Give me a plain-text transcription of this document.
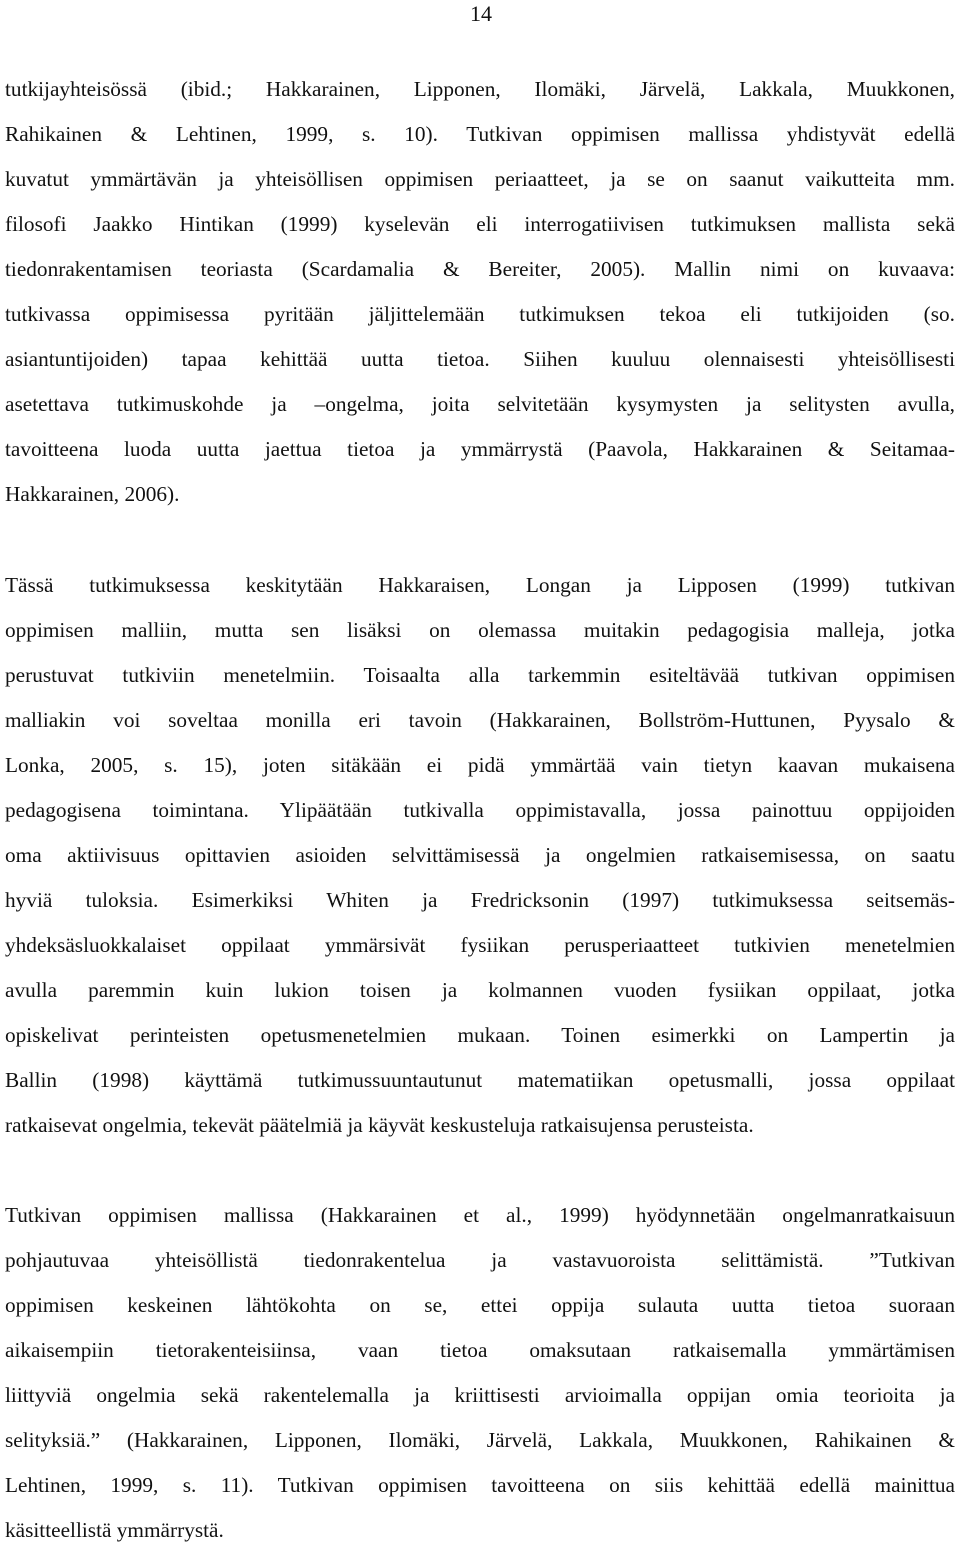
14
tutkijayhteisössä (ibid.; Hakkarainen, Lipponen, Ilomäki, Järvelä, Lakkala, Muukkonen,
Rahikainen & Lehtinen, 1999, s. 10). Tutkivan oppimisen mallissa yhdistyvät edellä
kuvatut ymmärtävän ja yhteisöllisen oppimisen periaatteet, ja se on saanut vaikutteita mm.
filosofi Jaakko Hintikan (1999) kyselevän eli interrogatiivisen tutkimuksen mallista sekä
tiedonrakentamisen teoriasta (Scardamalia & Bereiter, 2005). Mallin nimi on kuvaava:
tutkivassa oppimisessa pyritään jäljittelemään tutkimuksen tekoa eli tutkijoiden (so.
asiantuntijoiden) tapaa kehittää uutta tietoa. Siihen kuuluu olennaisesti yhteisöllisesti
asetettava tutkimuskohde ja –ongelma, joita selvitetään kysymysten ja selitysten avulla,
tavoitteena luoda uutta jaettua tietoa ja ymmärrystä (Paavola, Hakkarainen & Seitamaa-
Hakkarainen, 2006).
Tässä tutkimuksessa keskitytään Hakkaraisen, Longan ja Lipposen (1999) tutkivan
oppimisen malliin, mutta sen lisäksi on olemassa muitakin pedagogisia malleja, jotka
perustuvat tutkiviin menetelmiin. Toisaalta alla tarkemmin esiteltävää tutkivan oppimisen
malliakin voi soveltaa monilla eri tavoin (Hakkarainen, Bollström-Huttunen, Pyysalo &
Lonka, 2005, s. 15), joten sitäkään ei pidä ymmärtää vain tietyn kaavan mukaisena
pedagogisena toimintana. Ylipäätään tutkivalla oppimistavalla, jossa painottuu oppijoiden
oma aktiivisuus opittavien asioiden selvittämisessä ja ongelmien ratkaisemisessa, on saatu
hyviä tuloksia. Esimerkiksi Whiten ja Fredricksonin (1997) tutkimuksessa seitsemäs-
yhdeksäsluokkalaiset oppilaat ymmärsivät fysiikan perusperiaatteet tutkivien menetelmien
avulla paremmin kuin lukion toisen ja kolmannen vuoden fysiikan oppilaat, jotka
opiskelivat perinteisten opetusmenetelmien mukaan. Toinen esimerkki on Lampertin ja
Ballin (1998) käyttämä tutkimussuuntautunut matematiikan opetusmalli, jossa oppilaat
ratkaisevat ongelmia, tekevät päätelmiä ja käyvät keskusteluja ratkaisujensa perusteista.
Tutkivan oppimisen mallissa (Hakkarainen et al., 1999) hyödynnetään ongelmanratkaisuun
pohjautuvaa yhteisöllistä tiedonrakentelua ja vastavuoroista selittämistä. ”Tutkivan
oppimisen keskeinen lähtökohta on se, ettei oppija sulauta uutta tietoa suoraan
aikaisempiin tietorakenteisiinsa, vaan tietoa omaksutaan ratkaisemalla ymmärtämisen
liittyviä ongelmia sekä rakentelemalla ja kriittisesti arvioimalla oppijan omia teorioita ja
selityksiä.” (Hakkarainen, Lipponen, Ilomäki, Järvelä, Lakkala, Muukkonen, Rahikainen &
Lehtinen, 1999, s. 11). Tutkivan oppimisen tavoitteena on siis kehittää edellä mainittua
käsitteellistä ymmärrystä.
